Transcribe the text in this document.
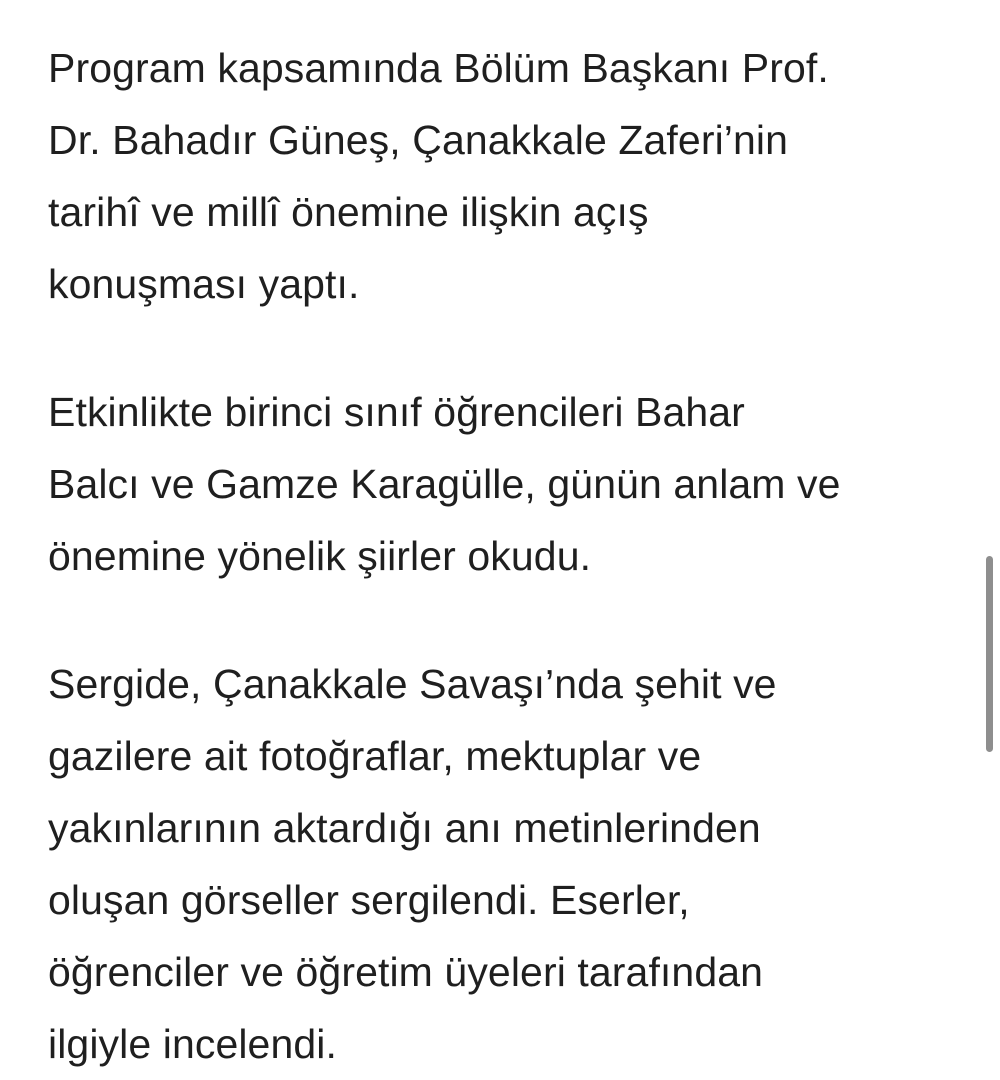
Program kapsamında Bölüm Başkanı Prof.
Dr. Bahadır Güneş, Çanakkale Zaferi’nin
tarihî ve millî önemine ilişkin açış
konuşması yaptı.

Etkinlikte birinci sınıf öğrencileri Bahar
Balcı ve Gamze Karagülle, günün anlam ve
önemine yönelik şiirler okudu.

Sergide, Çanakkale Savaşı’nda şehit ve
gazilere ait fotoğraflar, mektuplar ve
yakınlarının aktardığı anı metinlerinden
oluşan görseller sergilendi. Eserler,
öğrenciler ve öğretim üyeleri tarafından
ilgiyle incelendi.
